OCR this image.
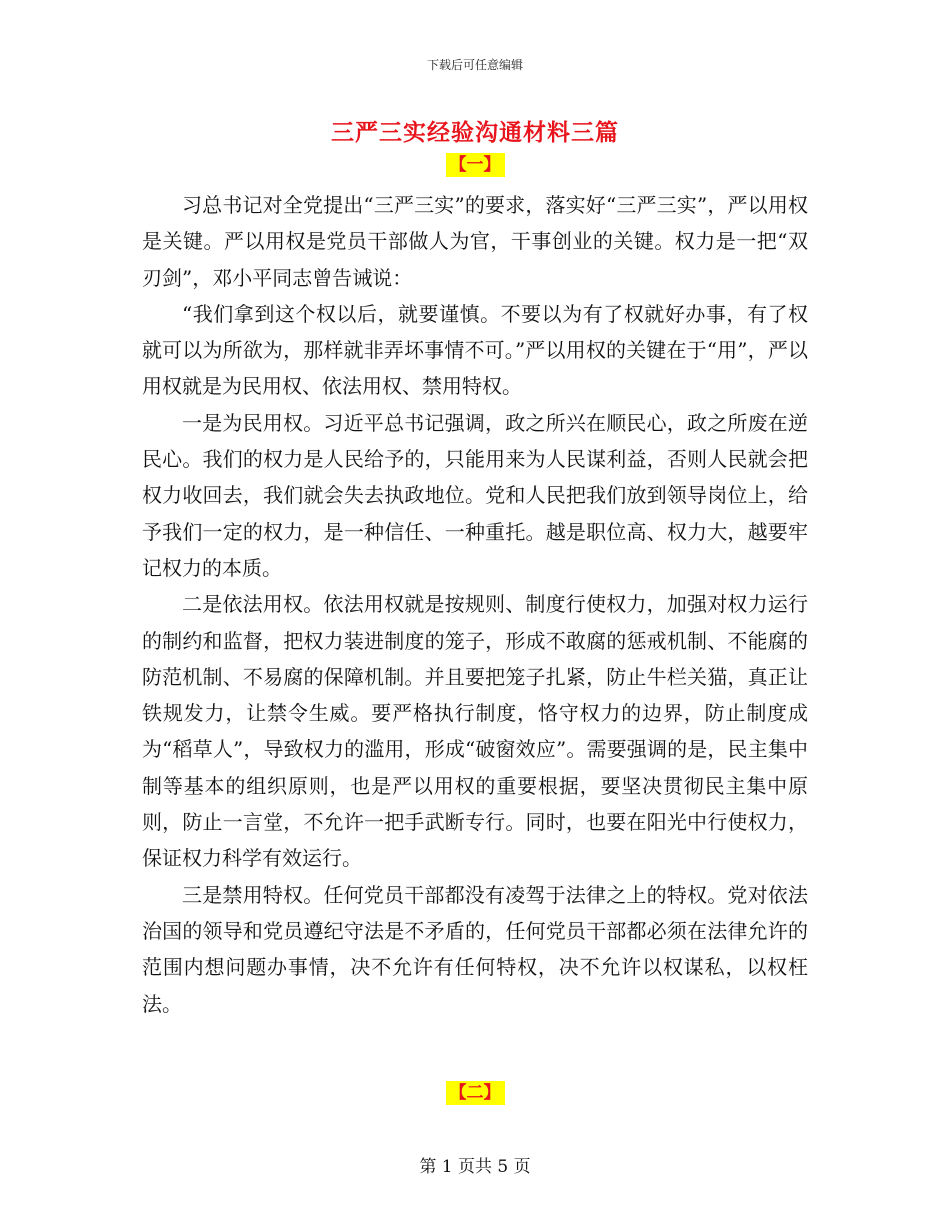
下载后可任意编辑
三严三实经验沟通材料三篇
【一】

习总书记对全党提出“三严三实”的要求，落实好“三严三实”，严以用权是关键。严以用权是党员干部做人为官，干事创业的关键。权力是一把“双刃剑”，邓小平同志曾告诫说：

“我们拿到这个权以后，就要谨慎。不要以为有了权就好办事，有了权就可以为所欲为，那样就非弄坏事情不可。”严以用权的关键在于“用”，严以用权就是为民用权、依法用权、禁用特权。

一是为民用权。习近平总书记强调，政之所兴在顺民心，政之所废在逆民心。我们的权力是人民给予的，只能用来为人民谋利益，否则人民就会把权力收回去，我们就会失去执政地位。党和人民把我们放到领导岗位上，给予我们一定的权力，是一种信任、一种重托。越是职位高、权力大，越要牢记权力的本质。

二是依法用权。依法用权就是按规则、制度行使权力，加强对权力运行的制约和监督，把权力装进制度的笼子，形成不敢腐的惩戒机制、不能腐的防范机制、不易腐的保障机制。并且要把笼子扎紧，防止牛栏关猫，真正让铁规发力，让禁令生威。要严格执行制度，恪守权力的边界，防止制度成为“稻草人”，导致权力的滥用，形成“破窗效应”。需要强调的是，民主集中制等基本的组织原则，也是严以用权的重要根据，要坚决贯彻民主集中原则，防止一言堂，不允许一把手武断专行。同时，也要在阳光中行使权力，保证权力科学有效运行。

三是禁用特权。任何党员干部都没有凌驾于法律之上的特权。党对依法治国的领导和党员遵纪守法是不矛盾的，任何党员干部都必须在法律允许的范围内想问题办事情，决不允许有任何特权，决不允许以权谋私，以权枉法。

【二】
第 1 页共 5 页
